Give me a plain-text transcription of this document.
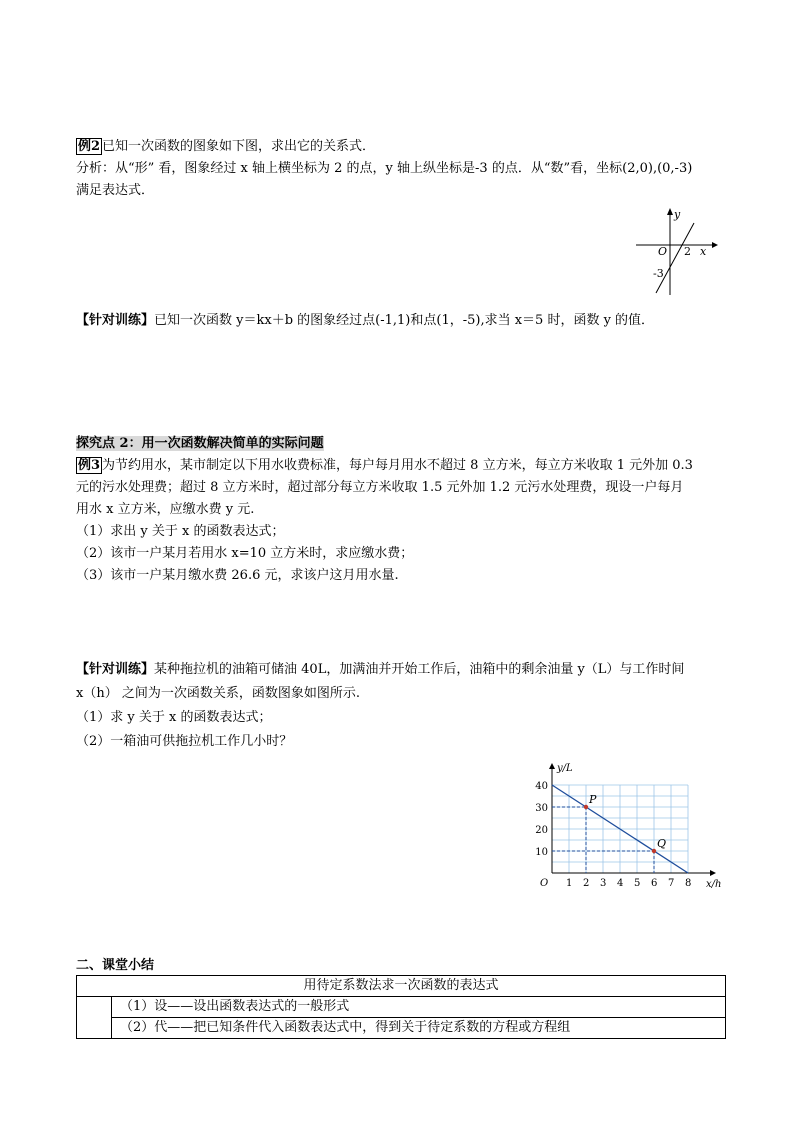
例2 已知一次函数的图象如下图，求出它的关系式．
分析：从“形” 看，图象经过 x 轴上横坐标为 2 的点，y 轴上纵坐标是-3 的点．从“数”看，坐标(2,0),(0,-3)
满足表达式．
x
y
O 2
-3
【针对训练】已知一次函数 y＝kx＋b 的图象经过点(-1,1)和点(1，-5),求当 x＝5 时，函数 y 的值．
探究点 2：用一次函数解决简单的实际问题
例3 为节约用水，某市制定以下用水收费标准，每户每月用水不超过 8 立方米，每立方米收取 1 元外加 0.3
元的污水处理费；超过 8 立方米时，超过部分每立方米收取 1.5 元外加 1.2 元污水处理费，现设一户每月
用水 x 立方米，应缴水费 y 元.
（1）求出 y 关于 x 的函数表达式；
（2）该市一户某月若用水 x=10 立方米时，求应缴水费；
（3）该市一户某月缴水费 26.6 元，求该户这月用水量.
【针对训练】某种拖拉机的油箱可储油 40L，加满油并开始工作后，油箱中的剩余油量 y（L）与工作时间
x（h） 之间为一次函数关系，函数图象如图所示.
（1）求 y 关于 x 的函数表达式；
（2）一箱油可供拖拉机工作几小时？
P
Q
O 1 2 3 4 5 6 7 8
10
20
30
40
x/h
y/L
二、课堂小结
用待定系数法求一次函数的表达式
	（1）设——设出函数表达式的一般形式
（2）代——把已知条件代入函数表达式中，得到关于待定系数的方程或方程组
